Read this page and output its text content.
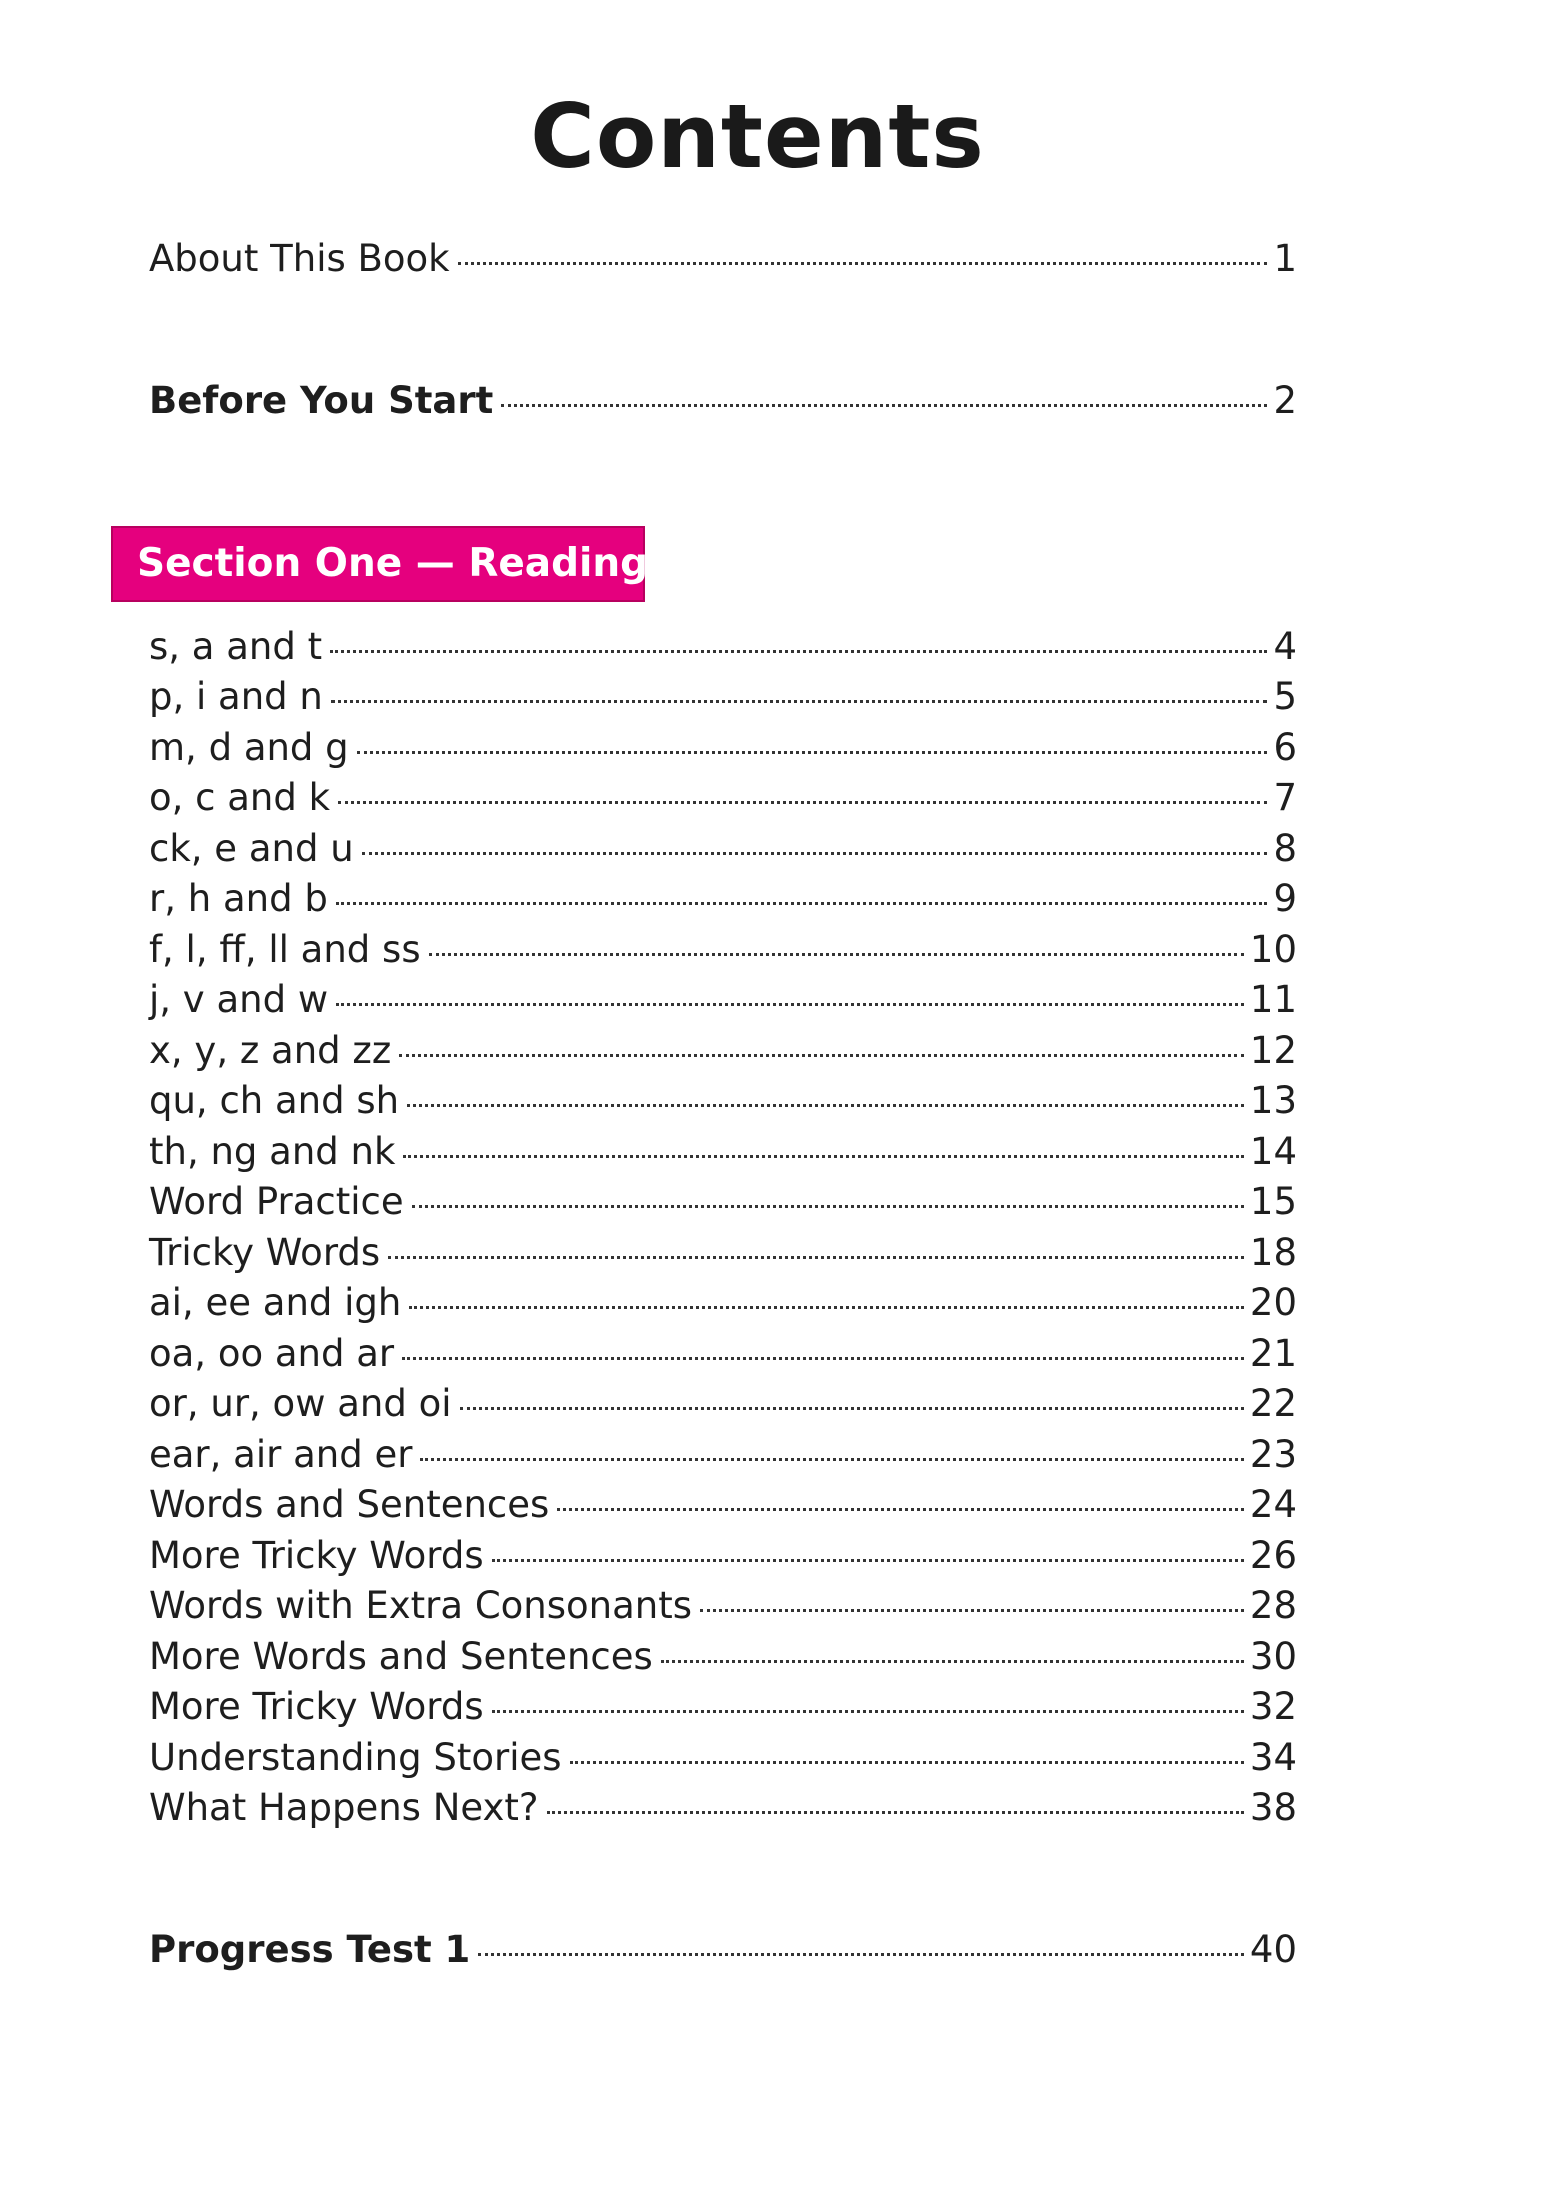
Contents
About This Book	1
Before You Start	2
Section One — Reading
s, a and t	4
p, i and n	5
m, d and g	6
o, c and k	7
ck, e and u	8
r, h and b	9
f, l, ff, ll and ss	10
j, v and w	11
x, y, z and zz	12
qu, ch and sh	13
th, ng and nk	14
Word Practice	15
Tricky Words	18
ai, ee and igh	20
oa, oo and ar	21
or, ur, ow and oi	22
ear, air and er	23
Words and Sentences	24
More Tricky Words	26
Words with Extra Consonants	28
More Words and Sentences	30
More Tricky Words	32
Understanding Stories	34
What Happens Next?	38
Progress Test 1	40
